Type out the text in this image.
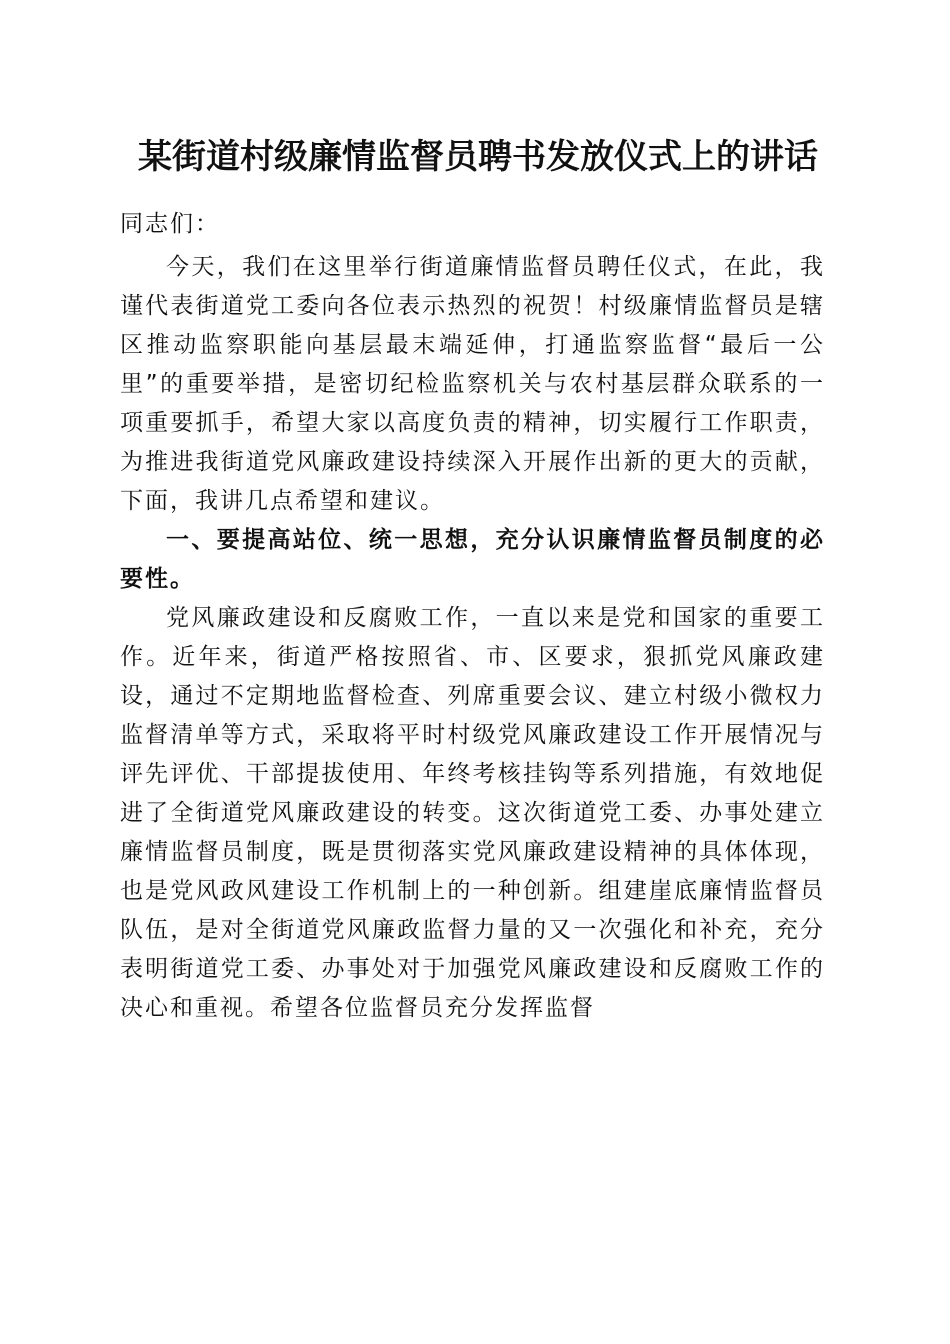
某街道村级廉情监督员聘书发放仪式上的讲话

同志们：

今天，我们在这里举行街道廉情监督员聘任仪式，在此，我谨代表街道党工委向各位表示热烈的祝贺！村级廉情监督员是辖区推动监察职能向基层最末端延伸，打通监察监督“最后一公里”的重要举措，是密切纪检监察机关与农村基层群众联系的一项重要抓手，希望大家以高度负责的精神，切实履行工作职责，为推进我街道党风廉政建设持续深入开展作出新的更大的贡献，下面，我讲几点希望和建议。

一、要提高站位、统一思想，充分认识廉情监督员制度的必要性。

党风廉政建设和反腐败工作，一直以来是党和国家的重要工作。近年来，街道严格按照省、市、区要求，狠抓党风廉政建设，通过不定期地监督检查、列席重要会议、建立村级小微权力监督清单等方式，采取将平时村级党风廉政建设工作开展情况与评先评优、干部提拔使用、年终考核挂钩等系列措施，有效地促进了全街道党风廉政建设的转变。这次街道党工委、办事处建立廉情监督员制度，既是贯彻落实党风廉政建设精神的具体体现，也是党风政风建设工作机制上的一种创新。组建崖底廉情监督员队伍，是对全街道党风廉政监督力量的又一次强化和补充，充分表明街道党工委、办事处对于加强党风廉政建设和反腐败工作的决心和重视。希望各位监督员充分发挥监督
